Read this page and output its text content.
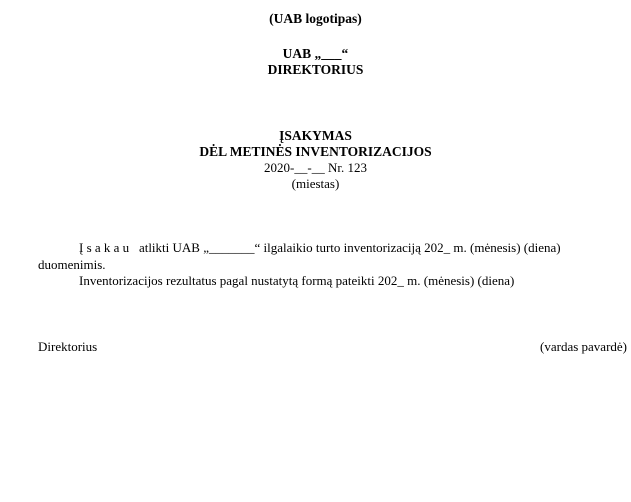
(UAB logotipas)
UAB „___“
DIREKTORIUS
ĮSAKYMAS
DĖL METINĖS INVENTORIZACIJOS
2020-__-__ Nr. 123
(miestas)
Į s a k a u atlikti UAB „_______“ ilgalaikio turto inventorizaciją 202_ m. (mėnesis) (diena)
duomenimis.
Inventorizacijos rezultatus pagal nustatytą formą pateikti 202_ m. (mėnesis) (diena)
Direktorius	(vardas pavardė)
